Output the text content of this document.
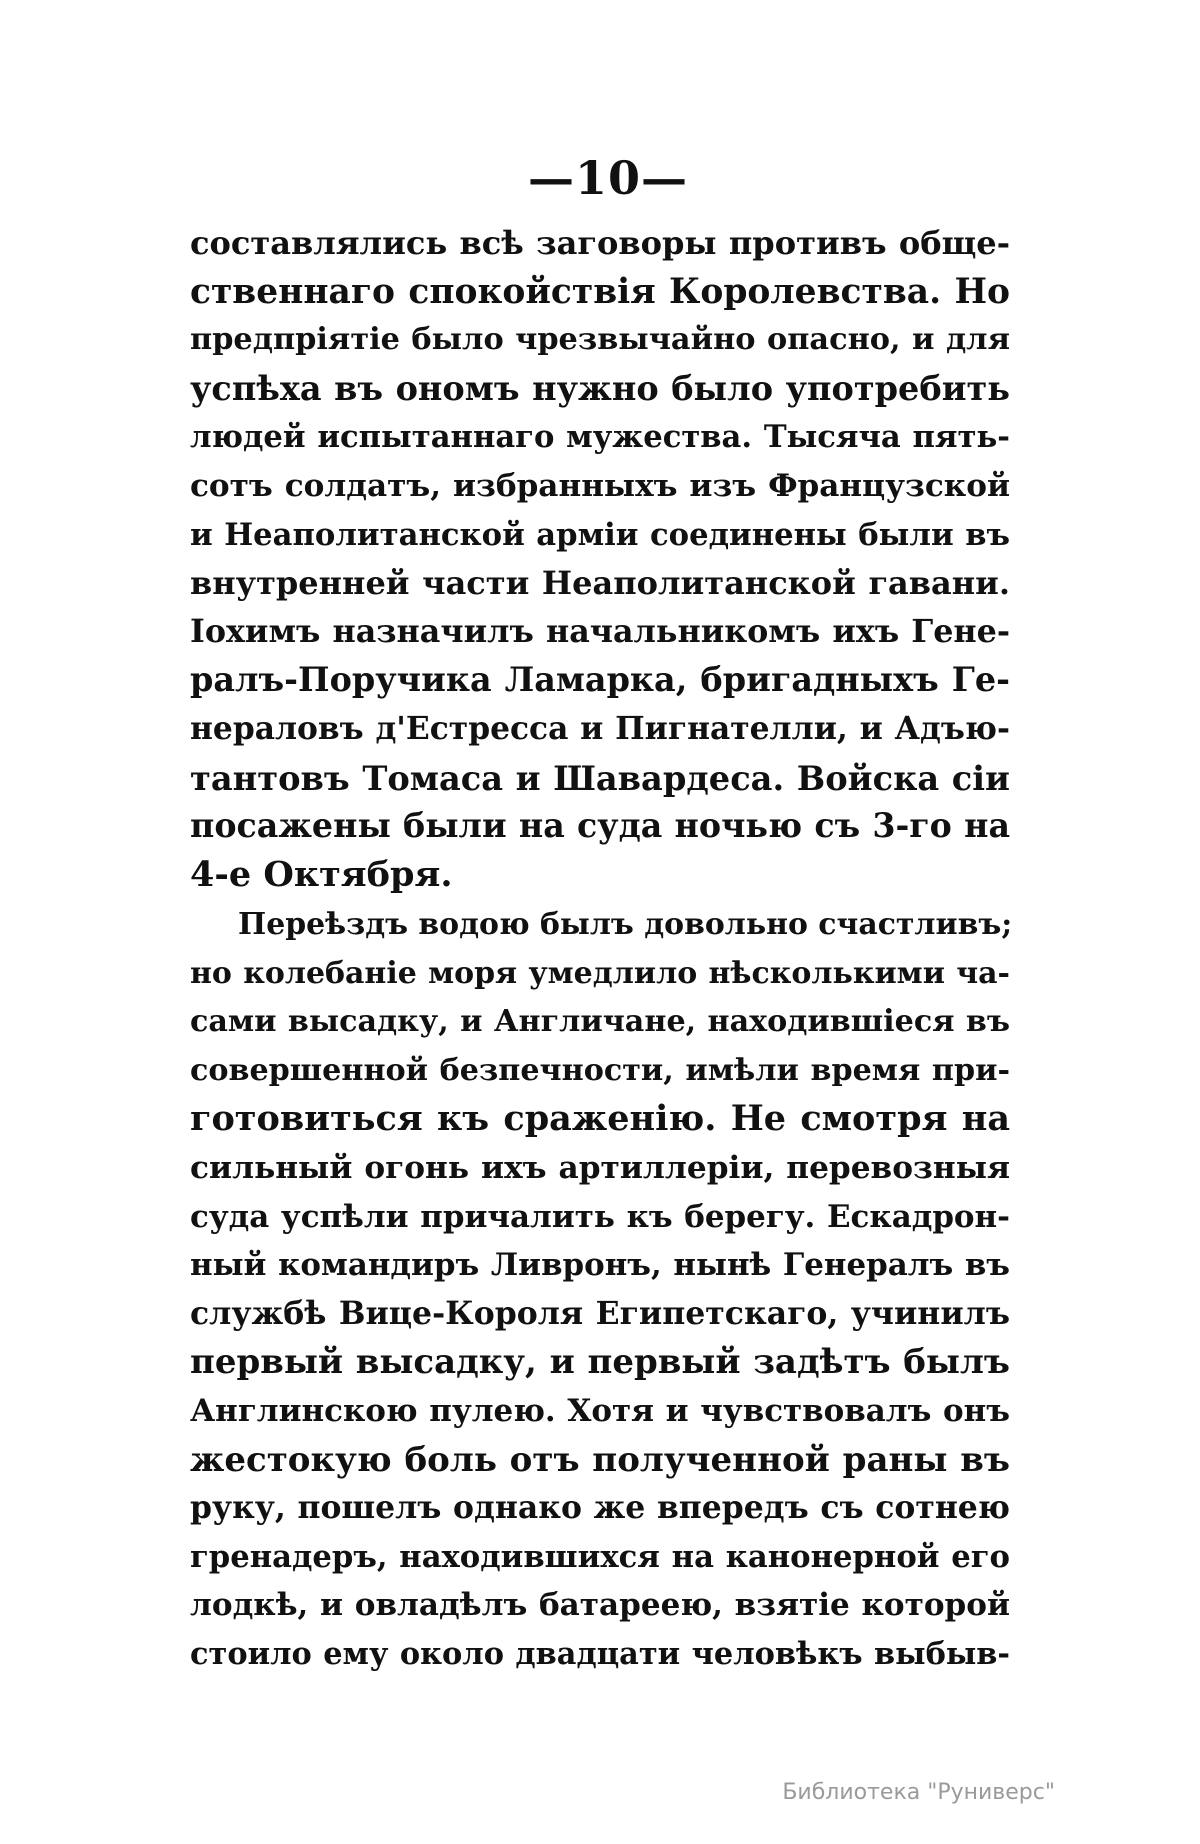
—10—
составлялись всѣ заговоры противъ обще-
ственнаго спокойствія Королевства. Но
предпріятіе было чрезвычайно опасно, и для
успѣха въ ономъ нужно было употребить
людей испытаннаго мужества. Тысяча пять-
сотъ солдатъ, избранныхъ изъ Французской
и Неаполитанской арміи соединены были въ
внутренней части Неаполитанской гавани.
Іохимъ назначилъ начальникомъ ихъ Гене-
ралъ-Поручика Ламарка, бригадныхъ Ге-
нераловъ д'Естресса и Пигнателли, и Адъю-
тантовъ Томаса и Шавардеса. Войска сіи
посажены были на суда ночью съ 3-го на
4-е Октября.
Переѣздъ водою былъ довольно счастливъ;
но колебаніе моря умедлило нѣсколькими ча-
сами высадку, и Англичане, находившіеся въ
совершенной безпечности, имѣли время при-
готовиться къ сраженію. Не смотря на
сильный огонь ихъ артиллеріи, перевозныя
суда успѣли причалить къ берегу. Ескадрон-
ный командиръ Ливронъ, нынѣ Генералъ въ
службѣ Вице-Короля Египетскаго, учинилъ
первый высадку, и первый задѣтъ былъ
Англинскою пулею. Хотя и чувствовалъ онъ
жестокую боль отъ полученной раны въ
руку, пошелъ однако же впередъ съ сотнею
гренадеръ, находившихся на канонерной его
лодкѣ, и овладѣлъ батареею, взятіе которой
стоило ему около двадцати человѣкъ выбыв-
Библиотека "Руниверс"
